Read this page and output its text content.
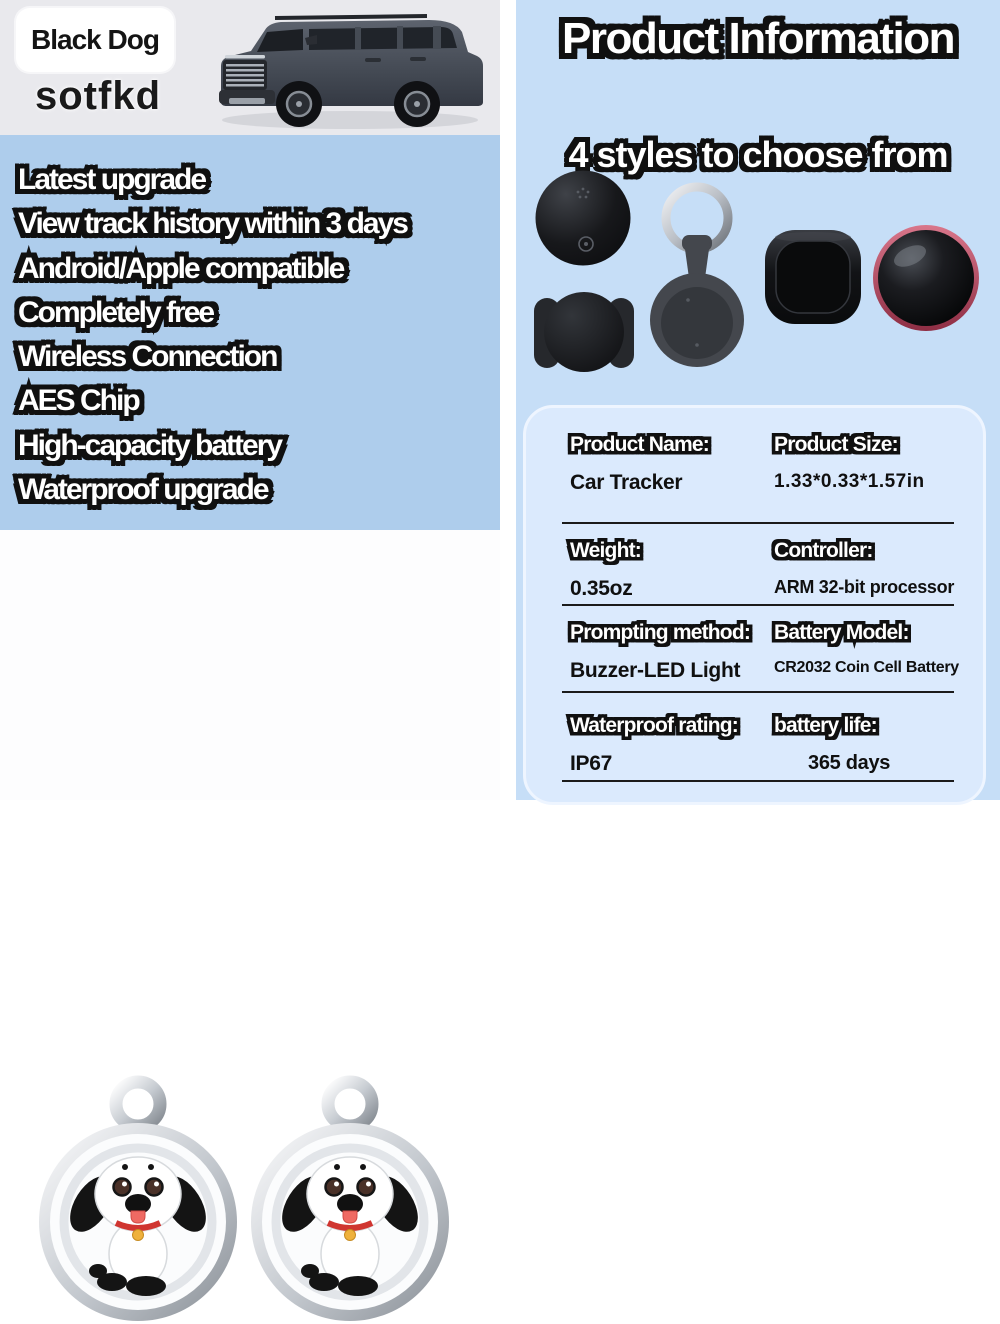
Black Dog
sotfkd
Latest upgrade Latest upgrade
View track history within 3 days View track history within 3 days
Android/Apple compatible Android/Apple compatible
Completely free Completely free
Wireless Connection Wireless Connection
AES Chip AES Chip
High-capacity battery High-capacity battery
Waterproof upgrade Waterproof upgrade
Product Information Product Information
4 styles to choose from 4 styles to choose from
Product Name: Product Name:
Car Tracker
Product Size: Product Size:
1.33*0.33*1.57in
Weight: Weight:
0.35oz
Controller: Controller:
ARM 32-bit processor
Prompting method: Prompting method:
Buzzer-LED Light
Battery Model: Battery Model:
CR2032 Coin Cell Battery
Waterproof rating: Waterproof rating:
IP67
battery life: battery life:
365 days
